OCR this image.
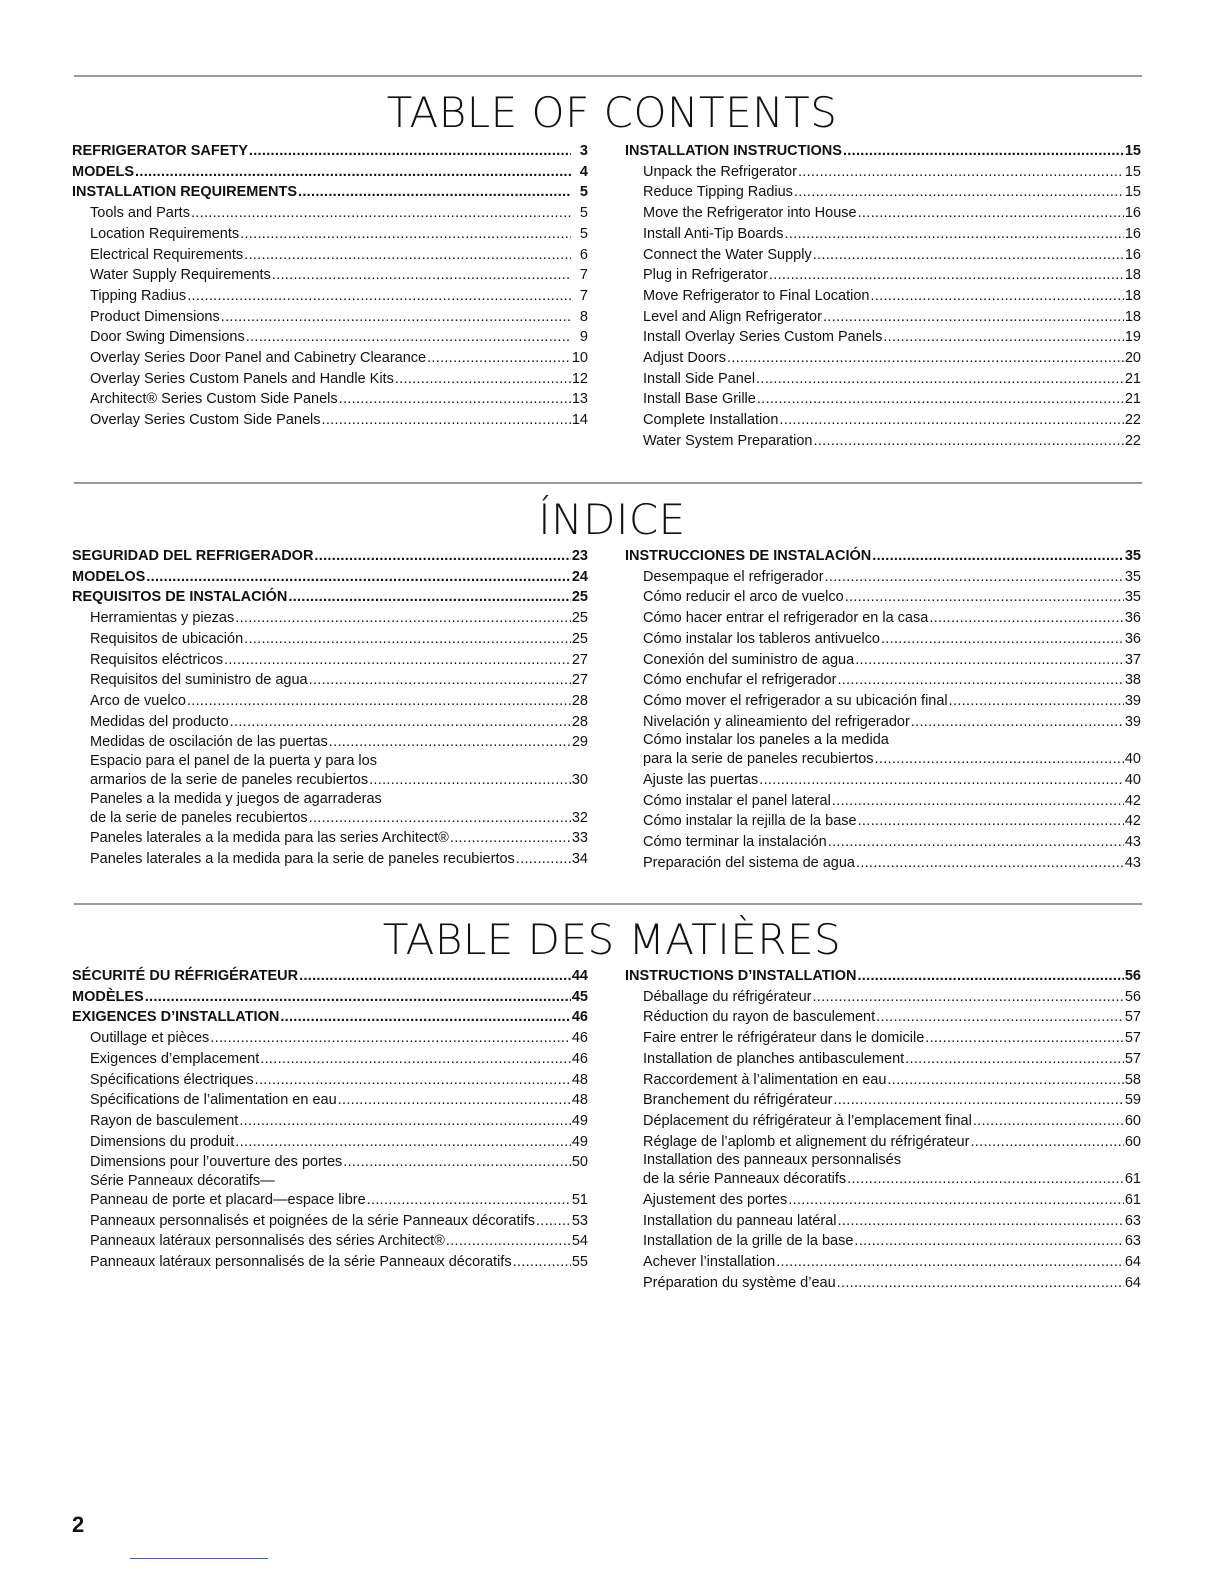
TABLE OF CONTENTS
REFRIGERATOR SAFETY .....	3
MODELS .....	4
INSTALLATION REQUIREMENTS .....	5
Tools and Parts .....	5
Location Requirements .....	5
Electrical Requirements .....	6
Water Supply Requirements .....	7
Tipping Radius .....	7
Product Dimensions .....	8
Door Swing Dimensions .....	9
Overlay Series Door Panel and Cabinetry Clearance .....	10
Overlay Series Custom Panels and Handle Kits .....	12
Architect® Series Custom Side Panels .....	13
Overlay Series Custom Side Panels .....	14
INSTALLATION INSTRUCTIONS .....	15
Unpack the Refrigerator .....	15
Reduce Tipping Radius .....	15
Move the Refrigerator into House .....	16
Install Anti-Tip Boards .....	16
Connect the Water Supply .....	16
Plug in Refrigerator .....	18
Move Refrigerator to Final Location .....	18
Level and Align Refrigerator .....	18
Install Overlay Series Custom Panels .....	19
Adjust Doors .....	20
Install Side Panel .....	21
Install Base Grille .....	21
Complete Installation .....	22
Water System Preparation .....	22
ÍNDICE
SEGURIDAD DEL REFRIGERADOR .....	23
MODELOS .....	24
REQUISITOS DE INSTALACIÓN .....	25
Herramientas y piezas .....	25
Requisitos de ubicación .....	25
Requisitos eléctricos .....	27
Requisitos del suministro de agua .....	27
Arco de vuelco .....	28
Medidas del producto .....	28
Medidas de oscilación de las puertas .....	29
Espacio para el panel de la puerta y para los
armarios de la serie de paneles recubiertos .....	30
Paneles a la medida y juegos de agarraderas
de la serie de paneles recubiertos .....	32
Paneles laterales a la medida para las series Architect® .....	33
Paneles laterales a la medida para la serie de paneles recubiertos .....	34
INSTRUCCIONES DE INSTALACIÓN .....	35
Desempaque el refrigerador .....	35
Cómo reducir el arco de vuelco .....	35
Cómo hacer entrar el refrigerador en la casa .....	36
Cómo instalar los tableros antivuelco .....	36
Conexión del suministro de agua .....	37
Cómo enchufar el refrigerador .....	38
Cómo mover el refrigerador a su ubicación final .....	39
Nivelación y alineamiento del refrigerador .....	39
Cómo instalar los paneles a la medida
para la serie de paneles recubiertos .....	40
Ajuste las puertas .....	40
Cómo instalar el panel lateral .....	42
Cómo instalar la rejilla de la base .....	42
Cómo terminar la instalación .....	43
Preparación del sistema de agua .....	43
TABLE DES MATIÈRES
SÉCURITÉ DU RÉFRIGÉRATEUR .....	44
MODÈLES .....	45
EXIGENCES D’INSTALLATION .....	46
Outillage et pièces .....	46
Exigences d’emplacement .....	46
Spécifications électriques .....	48
Spécifications de l’alimentation en eau .....	48
Rayon de basculement .....	49
Dimensions du produit .....	49
Dimensions pour l’ouverture des portes .....	50
Série Panneaux décoratifs—
Panneau de porte et placard—espace libre .....	51
Panneaux personnalisés et poignées de la série Panneaux décoratifs .....	53
Panneaux latéraux personnalisés des séries Architect® .....	54
Panneaux latéraux personnalisés de la série Panneaux décoratifs .....	55
INSTRUCTIONS D’INSTALLATION .....	56
Déballage du réfrigérateur .....	56
Réduction du rayon de basculement .....	57
Faire entrer le réfrigérateur dans le domicile .....	57
Installation de planches antibasculement .....	57
Raccordement à l’alimentation en eau .....	58
Branchement du réfrigérateur .....	59
Déplacement du réfrigérateur à l’emplacement final .....	60
Réglage de l’aplomb et alignement du réfrigérateur .....	60
Installation des panneaux personnalisés
de la série Panneaux décoratifs .....	61
Ajustement des portes .....	61
Installation du panneau latéral .....	63
Installation de la grille de la base .....	63
Achever l’installation .....	64
Préparation du système d’eau .....	64
2
